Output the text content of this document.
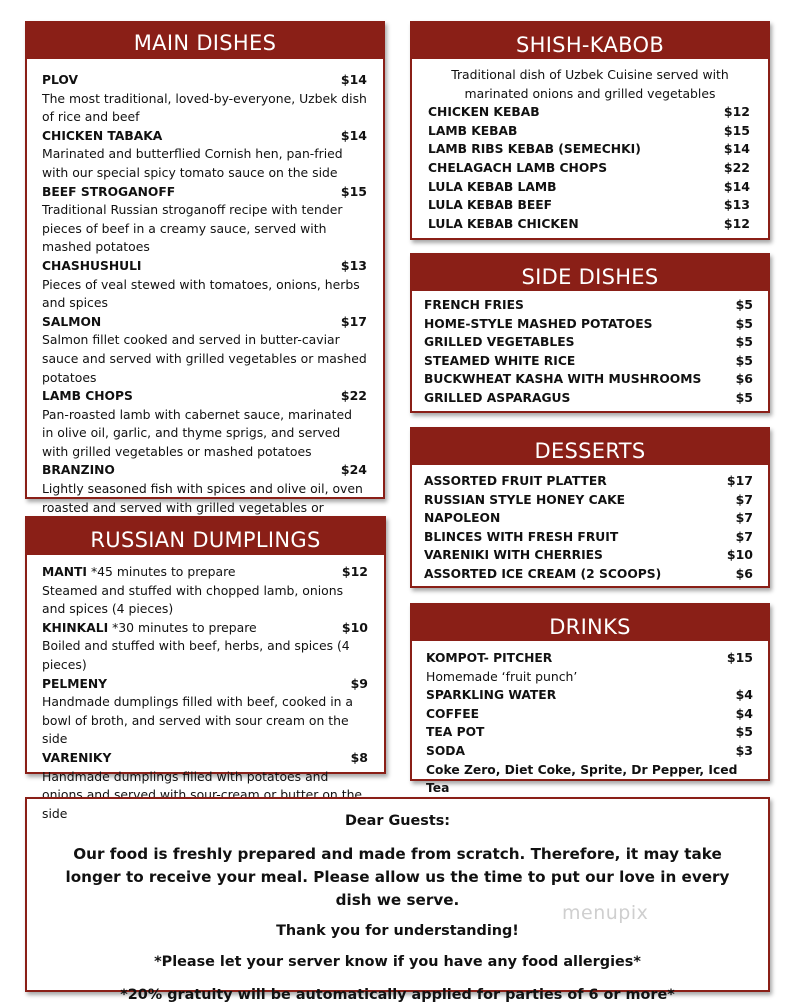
MAIN DISHES
PLOV	$14
The most traditional, loved-by-everyone, Uzbek dish of rice and beef
CHICKEN TABAKA	$14
Marinated and butterflied Cornish hen, pan-fried with our special spicy tomato sauce on the side
BEEF STROGANOFF	$15
Traditional Russian stroganoff recipe with tender pieces of beef in a creamy sauce, served with mashed potatoes
CHASHUSHULI	$13
Pieces of veal stewed with tomatoes, onions, herbs and spices
SALMON	$17
Salmon fillet cooked and served in butter-caviar sauce and served with grilled vegetables or mashed potatoes
LAMB CHOPS	$22
Pan-roasted lamb with cabernet sauce, marinated in olive oil, garlic, and thyme sprigs, and served with grilled vegetables or mashed potatoes
BRANZINO	$24
Lightly seasoned fish with spices and olive oil, oven roasted and served with grilled vegetables or
RUSSIAN DUMPLINGS
MANTI *45 minutes to prepare	$12
Steamed and stuffed with chopped lamb, onions and spices (4 pieces)
KHINKALI *30 minutes to prepare	$10
Boiled and stuffed with beef, herbs, and spices (4 pieces)
PELMENY	$9
Handmade dumplings filled with beef, cooked in a bowl of broth, and served with sour cream on the side
VARENIKY	$8
Handmade dumplings filled with potatoes and onions and served with sour-cream or butter on the side
SHISH-KABOB
Traditional dish of Uzbek Cuisine served with marinated onions and grilled vegetables
CHICKEN KEBAB	$12
LAMB KEBAB	$15
LAMB RIBS KEBAB (SEMECHKI)	$14
CHELAGACH LAMB CHOPS	$22
LULA KEBAB LAMB	$14
LULA KEBAB BEEF	$13
LULA KEBAB CHICKEN	$12
SIDE DISHES
FRENCH FRIES	$5
HOME-STYLE MASHED POTATOES	$5
GRILLED VEGETABLES	$5
STEAMED WHITE RICE	$5
BUCKWHEAT KASHA WITH MUSHROOMS	$6
GRILLED ASPARAGUS	$5
DESSERTS
ASSORTED FRUIT PLATTER	$17
RUSSIAN STYLE HONEY CAKE	$7
NAPOLEON	$7
BLINCES WITH FRESH FRUIT	$7
VARENIKI WITH CHERRIES	$10
ASSORTED ICE CREAM (2 SCOOPS)	$6
DRINKS
KOMPOT- PITCHER	$15
Homemade ‘fruit punch’
SPARKLING WATER	$4
COFFEE	$4
TEA POT	$5
SODA	$3
Coke Zero, Diet Coke, Sprite, Dr Pepper, Iced Tea
Dear Guests:
Our food is freshly prepared and made from scratch. Therefore, it may take longer to receive your meal. Please allow us the time to put our love in every dish we serve.
Thank you for understanding!
*Please let your server know if you have any food allergies*
*20% gratuity will be automatically applied for parties of 6 or more*
menupix
